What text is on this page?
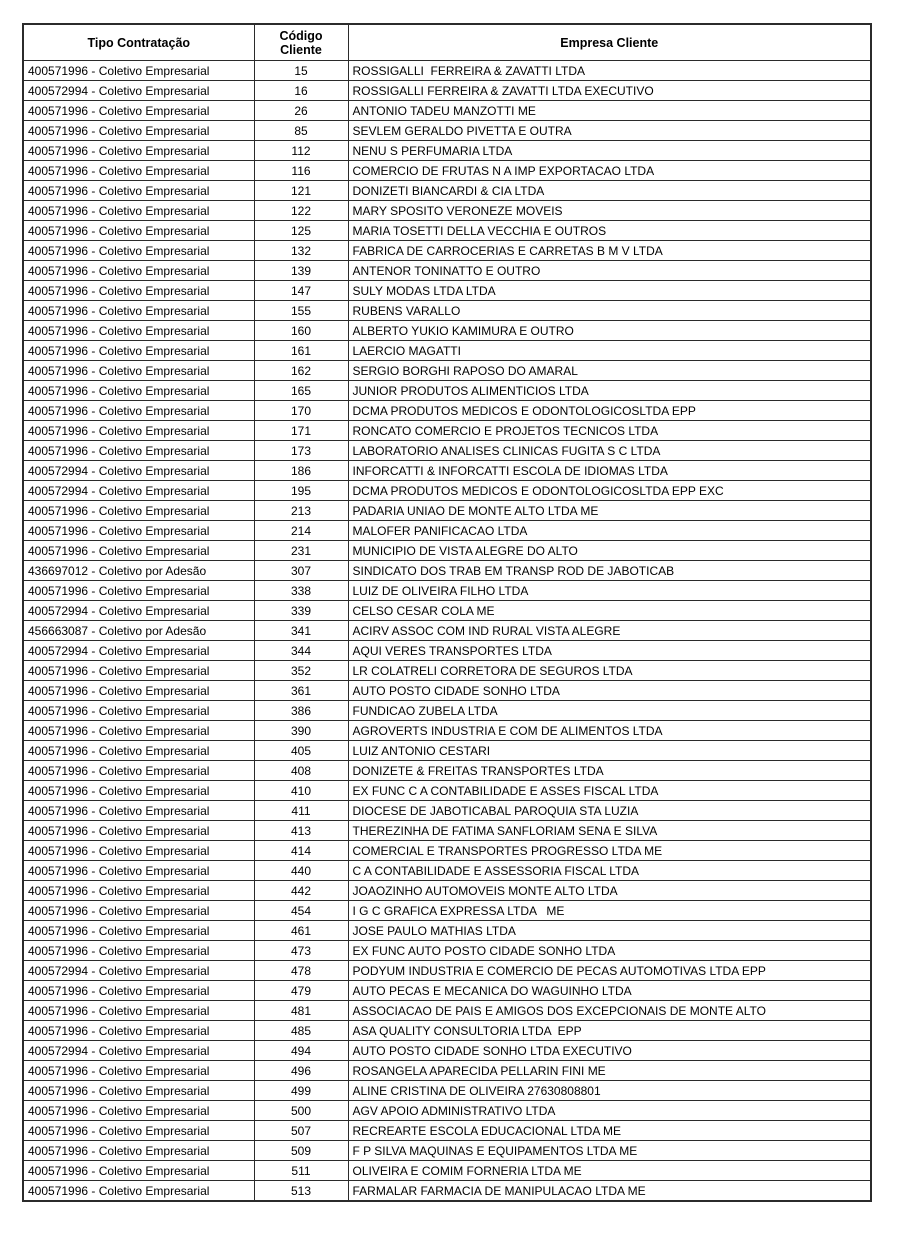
Tipo Contratação	Código Cliente	Empresa Cliente
400571996 - Coletivo Empresarial	15	ROSSIGALLI  FERREIRA & ZAVATTI LTDA
400572994 - Coletivo Empresarial	16	ROSSIGALLI FERREIRA & ZAVATTI LTDA EXECUTIVO
400571996 - Coletivo Empresarial	26	ANTONIO TADEU MANZOTTI ME
400571996 - Coletivo Empresarial	85	SEVLEM GERALDO PIVETTA E OUTRA
400571996 - Coletivo Empresarial	112	NENU S PERFUMARIA LTDA
400571996 - Coletivo Empresarial	116	COMERCIO DE FRUTAS N A IMP EXPORTACAO LTDA
400571996 - Coletivo Empresarial	121	DONIZETI BIANCARDI & CIA LTDA
400571996 - Coletivo Empresarial	122	MARY SPOSITO VERONEZE MOVEIS
400571996 - Coletivo Empresarial	125	MARIA TOSETTI DELLA VECCHIA E OUTROS
400571996 - Coletivo Empresarial	132	FABRICA DE CARROCERIAS E CARRETAS B M V LTDA
400571996 - Coletivo Empresarial	139	ANTENOR TONINATTO E OUTRO
400571996 - Coletivo Empresarial	147	SULY MODAS LTDA LTDA
400571996 - Coletivo Empresarial	155	RUBENS VARALLO
400571996 - Coletivo Empresarial	160	ALBERTO YUKIO KAMIMURA E OUTRO
400571996 - Coletivo Empresarial	161	LAERCIO MAGATTI
400571996 - Coletivo Empresarial	162	SERGIO BORGHI RAPOSO DO AMARAL
400571996 - Coletivo Empresarial	165	JUNIOR PRODUTOS ALIMENTICIOS LTDA
400571996 - Coletivo Empresarial	170	DCMA PRODUTOS MEDICOS E ODONTOLOGICOSLTDA EPP
400571996 - Coletivo Empresarial	171	RONCATO COMERCIO E PROJETOS TECNICOS LTDA
400571996 - Coletivo Empresarial	173	LABORATORIO ANALISES CLINICAS FUGITA S C LTDA
400572994 - Coletivo Empresarial	186	INFORCATTI & INFORCATTI ESCOLA DE IDIOMAS LTDA
400572994 - Coletivo Empresarial	195	DCMA PRODUTOS MEDICOS E ODONTOLOGICOSLTDA EPP EXC
400571996 - Coletivo Empresarial	213	PADARIA UNIAO DE MONTE ALTO LTDA ME
400571996 - Coletivo Empresarial	214	MALOFER PANIFICACAO LTDA
400571996 - Coletivo Empresarial	231	MUNICIPIO DE VISTA ALEGRE DO ALTO
436697012 - Coletivo por Adesão	307	SINDICATO DOS TRAB EM TRANSP ROD DE JABOTICAB
400571996 - Coletivo Empresarial	338	LUIZ DE OLIVEIRA FILHO LTDA
400572994 - Coletivo Empresarial	339	CELSO CESAR COLA ME
456663087 - Coletivo por Adesão	341	ACIRV ASSOC COM IND RURAL VISTA ALEGRE
400572994 - Coletivo Empresarial	344	AQUI VERES TRANSPORTES LTDA
400571996 - Coletivo Empresarial	352	LR COLATRELI CORRETORA DE SEGUROS LTDA
400571996 - Coletivo Empresarial	361	AUTO POSTO CIDADE SONHO LTDA
400571996 - Coletivo Empresarial	386	FUNDICAO ZUBELA LTDA
400571996 - Coletivo Empresarial	390	AGROVERTS INDUSTRIA E COM DE ALIMENTOS LTDA
400571996 - Coletivo Empresarial	405	LUIZ ANTONIO CESTARI
400571996 - Coletivo Empresarial	408	DONIZETE & FREITAS TRANSPORTES LTDA
400571996 - Coletivo Empresarial	410	EX FUNC C A CONTABILIDADE E ASSES FISCAL LTDA
400571996 - Coletivo Empresarial	411	DIOCESE DE JABOTICABAL PAROQUIA STA LUZIA
400571996 - Coletivo Empresarial	413	THEREZINHA DE FATIMA SANFLORIAM SENA E SILVA
400571996 - Coletivo Empresarial	414	COMERCIAL E TRANSPORTES PROGRESSO LTDA ME
400571996 - Coletivo Empresarial	440	C A CONTABILIDADE E ASSESSORIA FISCAL LTDA
400571996 - Coletivo Empresarial	442	JOAOZINHO AUTOMOVEIS MONTE ALTO LTDA
400571996 - Coletivo Empresarial	454	I G C GRAFICA EXPRESSA LTDA   ME
400571996 - Coletivo Empresarial	461	JOSE PAULO MATHIAS LTDA
400571996 - Coletivo Empresarial	473	EX FUNC AUTO POSTO CIDADE SONHO LTDA
400572994 - Coletivo Empresarial	478	PODYUM INDUSTRIA E COMERCIO DE PECAS AUTOMOTIVAS LTDA EPP
400571996 - Coletivo Empresarial	479	AUTO PECAS E MECANICA DO WAGUINHO LTDA
400571996 - Coletivo Empresarial	481	ASSOCIACAO DE PAIS E AMIGOS DOS EXCEPCIONAIS DE MONTE ALTO
400571996 - Coletivo Empresarial	485	ASA QUALITY CONSULTORIA LTDA  EPP
400572994 - Coletivo Empresarial	494	AUTO POSTO CIDADE SONHO LTDA EXECUTIVO
400571996 - Coletivo Empresarial	496	ROSANGELA APARECIDA PELLARIN FINI ME
400571996 - Coletivo Empresarial	499	ALINE CRISTINA DE OLIVEIRA 27630808801
400571996 - Coletivo Empresarial	500	AGV APOIO ADMINISTRATIVO LTDA
400571996 - Coletivo Empresarial	507	RECREARTE ESCOLA EDUCACIONAL LTDA ME
400571996 - Coletivo Empresarial	509	F P SILVA MAQUINAS E EQUIPAMENTOS LTDA ME
400571996 - Coletivo Empresarial	511	OLIVEIRA E COMIM FORNERIA LTDA ME
400571996 - Coletivo Empresarial	513	FARMALAR FARMACIA DE MANIPULACAO LTDA ME
